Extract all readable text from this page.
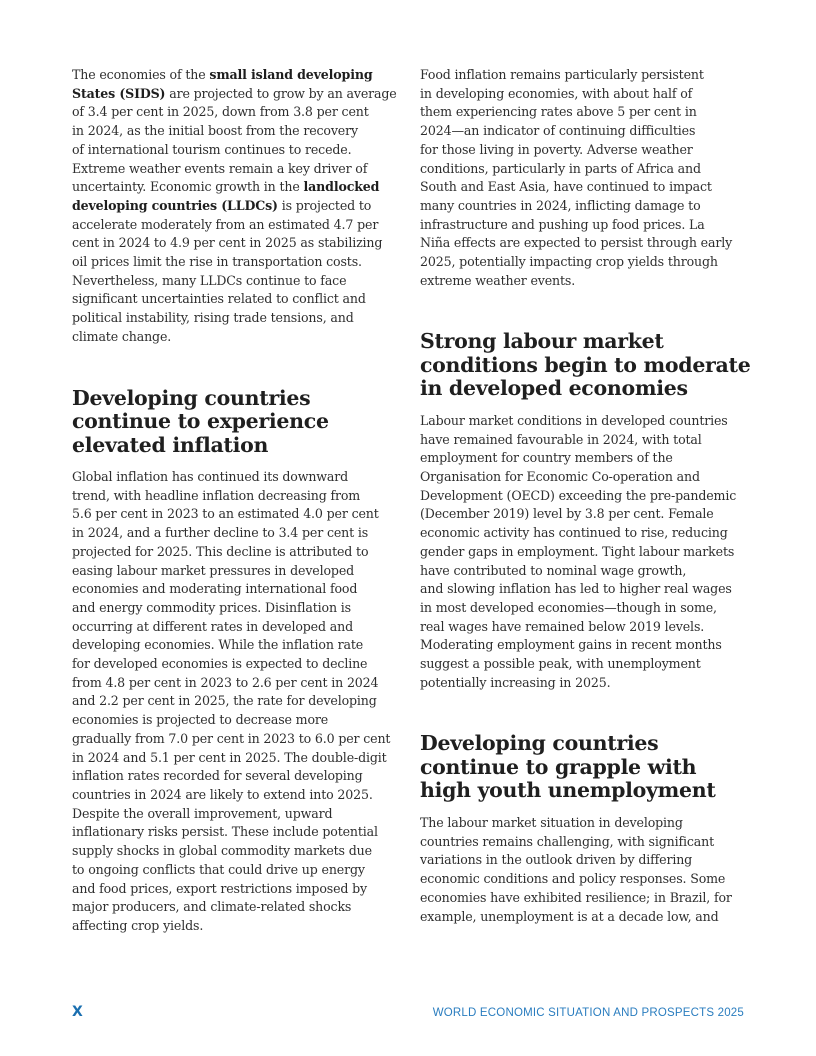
The economies of the small island developing
States (SIDS) are projected to grow by an average
of 3.4 per cent in 2025, down from 3.8 per cent
in 2024, as the initial boost from the recovery
of international tourism continues to recede.
Extreme weather events remain a key driver of
uncertainty. Economic growth in the landlocked
developing countries (LLDCs) is projected to
accelerate moderately from an estimated 4.7 per
cent in 2024 to 4.9 per cent in 2025 as stabilizing
oil prices limit the rise in transportation costs.
Nevertheless, many LLDCs continue to face
significant uncertainties related to conflict and
political instability, rising trade tensions, and
climate change.

Developing countries
continue to experience
elevated inflation

Global inflation has continued its downward
trend, with headline inflation decreasing from
5.6 per cent in 2023 to an estimated 4.0 per cent
in 2024, and a further decline to 3.4 per cent is
projected for 2025. This decline is attributed to
easing labour market pressures in developed
economies and moderating international food
and energy commodity prices. Disinflation is
occurring at different rates in developed and
developing economies. While the inflation rate
for developed economies is expected to decline
from 4.8 per cent in 2023 to 2.6 per cent in 2024
and 2.2 per cent in 2025, the rate for developing
economies is projected to decrease more
gradually from 7.0 per cent in 2023 to 6.0 per cent
in 2024 and 5.1 per cent in 2025. The double-digit
inflation rates recorded for several developing
countries in 2024 are likely to extend into 2025.
Despite the overall improvement, upward
inflationary risks persist. These include potential
supply shocks in global commodity markets due
to ongoing conflicts that could drive up energy
and food prices, export restrictions imposed by
major producers, and climate-related shocks
affecting crop yields.

Food inflation remains particularly persistent
in developing economies, with about half of
them experiencing rates above 5 per cent in
2024—an indicator of continuing difficulties
for those living in poverty. Adverse weather
conditions, particularly in parts of Africa and
South and East Asia, have continued to impact
many countries in 2024, inflicting damage to
infrastructure and pushing up food prices. La
Niña effects are expected to persist through early
2025, potentially impacting crop yields through
extreme weather events.

Strong labour market
conditions begin to moderate
in developed economies

Labour market conditions in developed countries
have remained favourable in 2024, with total
employment for country members of the
Organisation for Economic Co-operation and
Development (OECD) exceeding the pre-pandemic
(December 2019) level by 3.8 per cent. Female
economic activity has continued to rise, reducing
gender gaps in employment. Tight labour markets
have contributed to nominal wage growth,
and slowing inflation has led to higher real wages
in most developed economies—though in some,
real wages have remained below 2019 levels.
Moderating employment gains in recent months
suggest a possible peak, with unemployment
potentially increasing in 2025.

Developing countries
continue to grapple with
high youth unemployment

The labour market situation in developing
countries remains challenging, with significant
variations in the outlook driven by differing
economic conditions and policy responses. Some
economies have exhibited resilience; in Brazil, for
example, unemployment is at a decade low, and

X	WORLD ECONOMIC SITUATION AND PROSPECTS 2025
